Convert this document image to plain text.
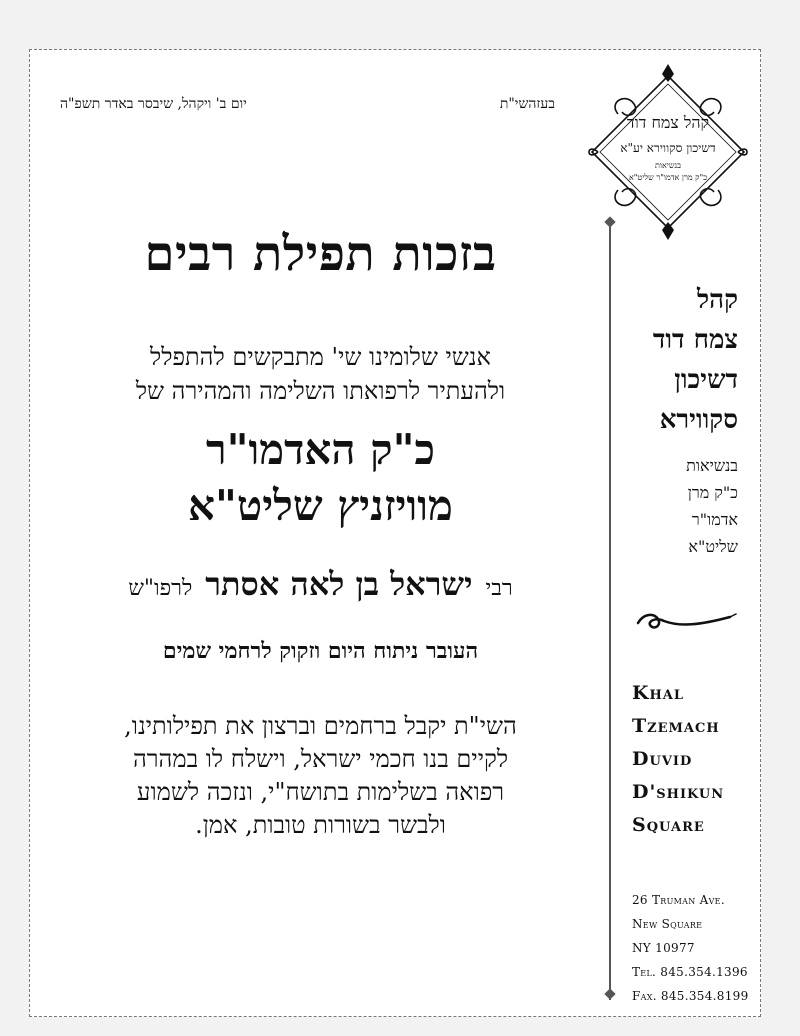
בעזהשי"ת
יום ב' ויקהל, שיבסר באדר תשפ"ה
בזכות תפילת רבים
אנשי שלומינו שי' מתבקשים להתפלל
ולהעתיר לרפואתו השלימה והמהירה של
כ"ק האדמו"ר
מוויזניץ שליט"א
רבי ישראל בן לאה אסתר לרפו"ש
העובר ניתוח היום וזקוק לרחמי שמים
השי"ת יקבל ברחמים וברצון את תפילותינו,
לקיים בנו חכמי ישראל, וישלח לו במהרה
רפואה בשלימות בתושח"י, ונזכה לשמוע
ולבשר בשורות טובות, אמן.
קהל צמח דוד
דשיכון סקווירא יע"א
בנשיאות
כ"ק מרן אדמו"ר שליט"א
קהל
צמח דוד
דשיכון
סקווירא
בנשיאות
כ"ק מרן
אדמו"ר
שליט"א
Khal
Tzemach
Duvid
D'shikun
Square
26 Truman Ave.
New Square
NY 10977
Tel. 845.354.1396
Fax. 845.354.8199
